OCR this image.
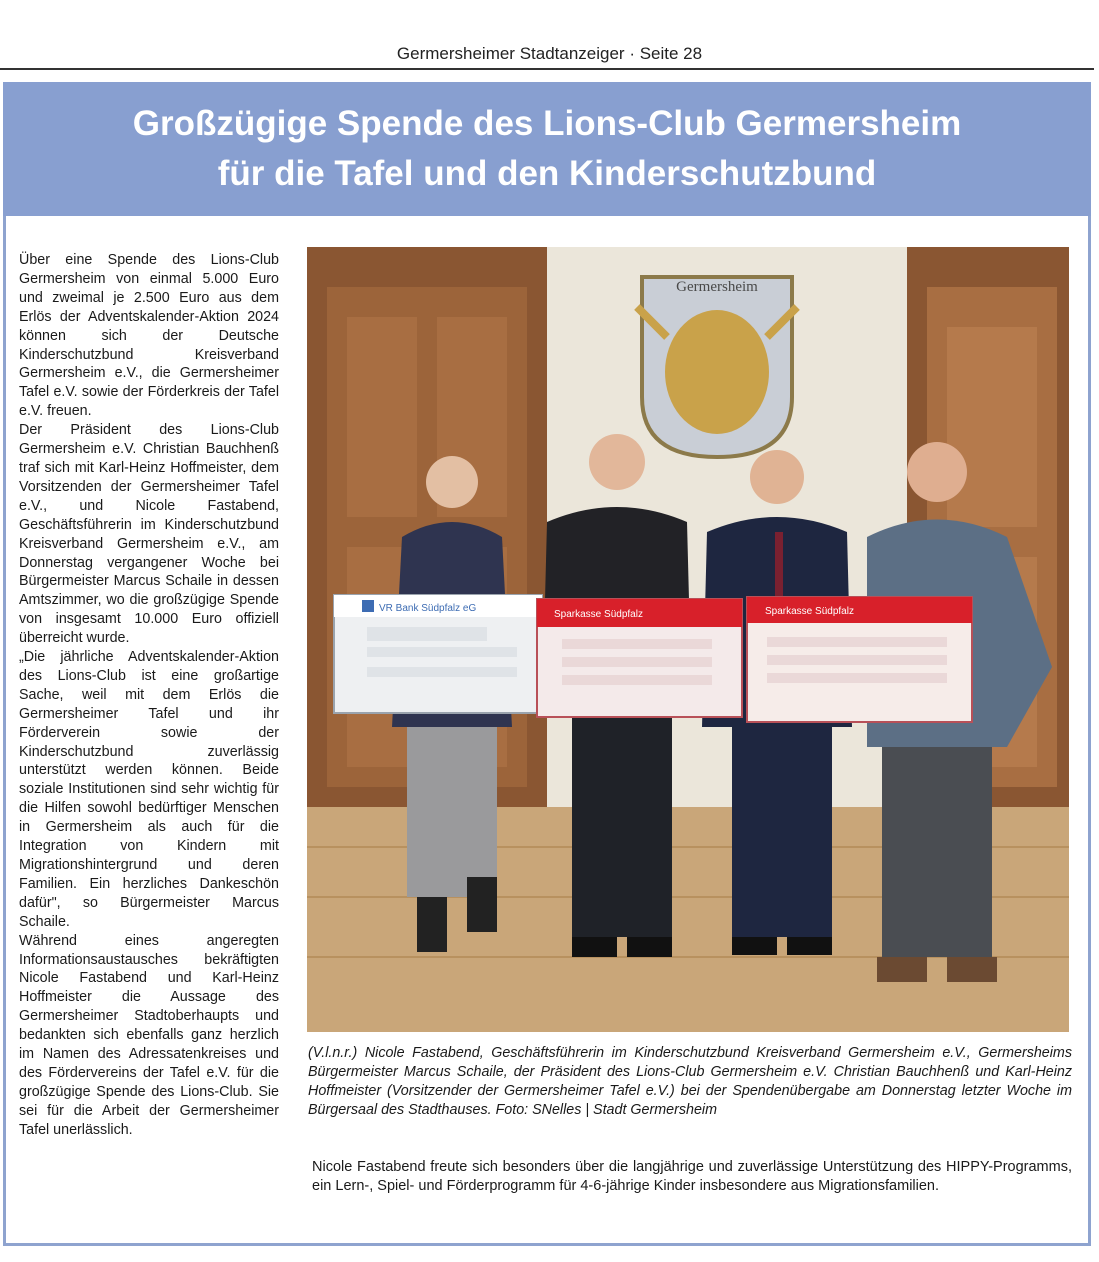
Germersheimer Stadtanzeiger · Seite 28
Großzügige Spende des Lions-Club Germersheim
für die Tafel und den Kinderschutzbund

Über eine Spende des Lions-Club Germersheim von einmal 5.000 Euro und zweimal je 2.500 Euro aus dem Erlös der Adventskalender-Aktion 2024 können sich der Deutsche Kinderschutzbund Kreisverband Germersheim e.V., die Germersheimer Tafel e.V. sowie der Förderkreis der Tafel e.V. freuen.

Der Präsident des Lions-Club Germersheim e.V. Christian Bauchhenß traf sich mit Karl-Heinz Hoffmeister, dem Vorsitzenden der Germersheimer Tafel e.V., und Nicole Fastabend, Geschäftsführerin im Kinderschutzbund Kreisverband Germersheim e.V., am Donnerstag vergangener Woche bei Bürgermeister Marcus Schaile in dessen Amtszimmer, wo die großzügige Spende von insgesamt 10.000 Euro offiziell überreicht wurde.

„Die jährliche Adventskalender-Aktion des Lions-Club ist eine großartige Sache, weil mit dem Erlös die Germersheimer Tafel und ihr Förderverein sowie der Kinderschutzbund zuverlässig unterstützt werden können. Beide soziale Institutionen sind sehr wichtig für die Hilfen sowohl bedürftiger Menschen in Germersheim als auch für die Integration von Kindern mit Migrationshintergrund und deren Familien. Ein herzliches Dankeschön dafür", so Bürgermeister Marcus Schaile.

Während eines angeregten Informationsaustausches bekräftigten Nicole Fastabend und Karl-Heinz Hoffmeister die Aussage des Germersheimer Stadtoberhaupts und bedankten sich ebenfalls ganz herzlich im Namen des Adressatenkreises und des Fördervereins der Tafel e.V. für die großzügige Spende des Lions-Club. Sie sei für die Arbeit der Germersheimer Tafel unerlässlich.

Germersheim
VR Bank Südpfalz eG
Sparkasse Südpfalz	Sparkasse Südpfalz
(V.l.n.r.) Nicole Fastabend, Geschäftsführerin im Kinderschutzbund Kreisverband Germersheim e.V., Germersheims Bürgermeister Marcus Schaile, der Präsident des Lions-Club Germersheim e.V. Christian Bauchhenß und Karl-Heinz Hoffmeister (Vorsitzender der Germersheimer Tafel e.V.) bei der Spendenübergabe am Donnerstag letzter Woche im Bürgersaal des Stadthauses. Foto: SNelles | Stadt Germersheim
Nicole Fastabend freute sich besonders über die langjährige und zuverlässige Unterstützung des HIPPY-Programms, ein Lern-, Spiel- und Förderprogramm für 4-6-jährige Kinder insbesondere aus Migrationsfamilien.
